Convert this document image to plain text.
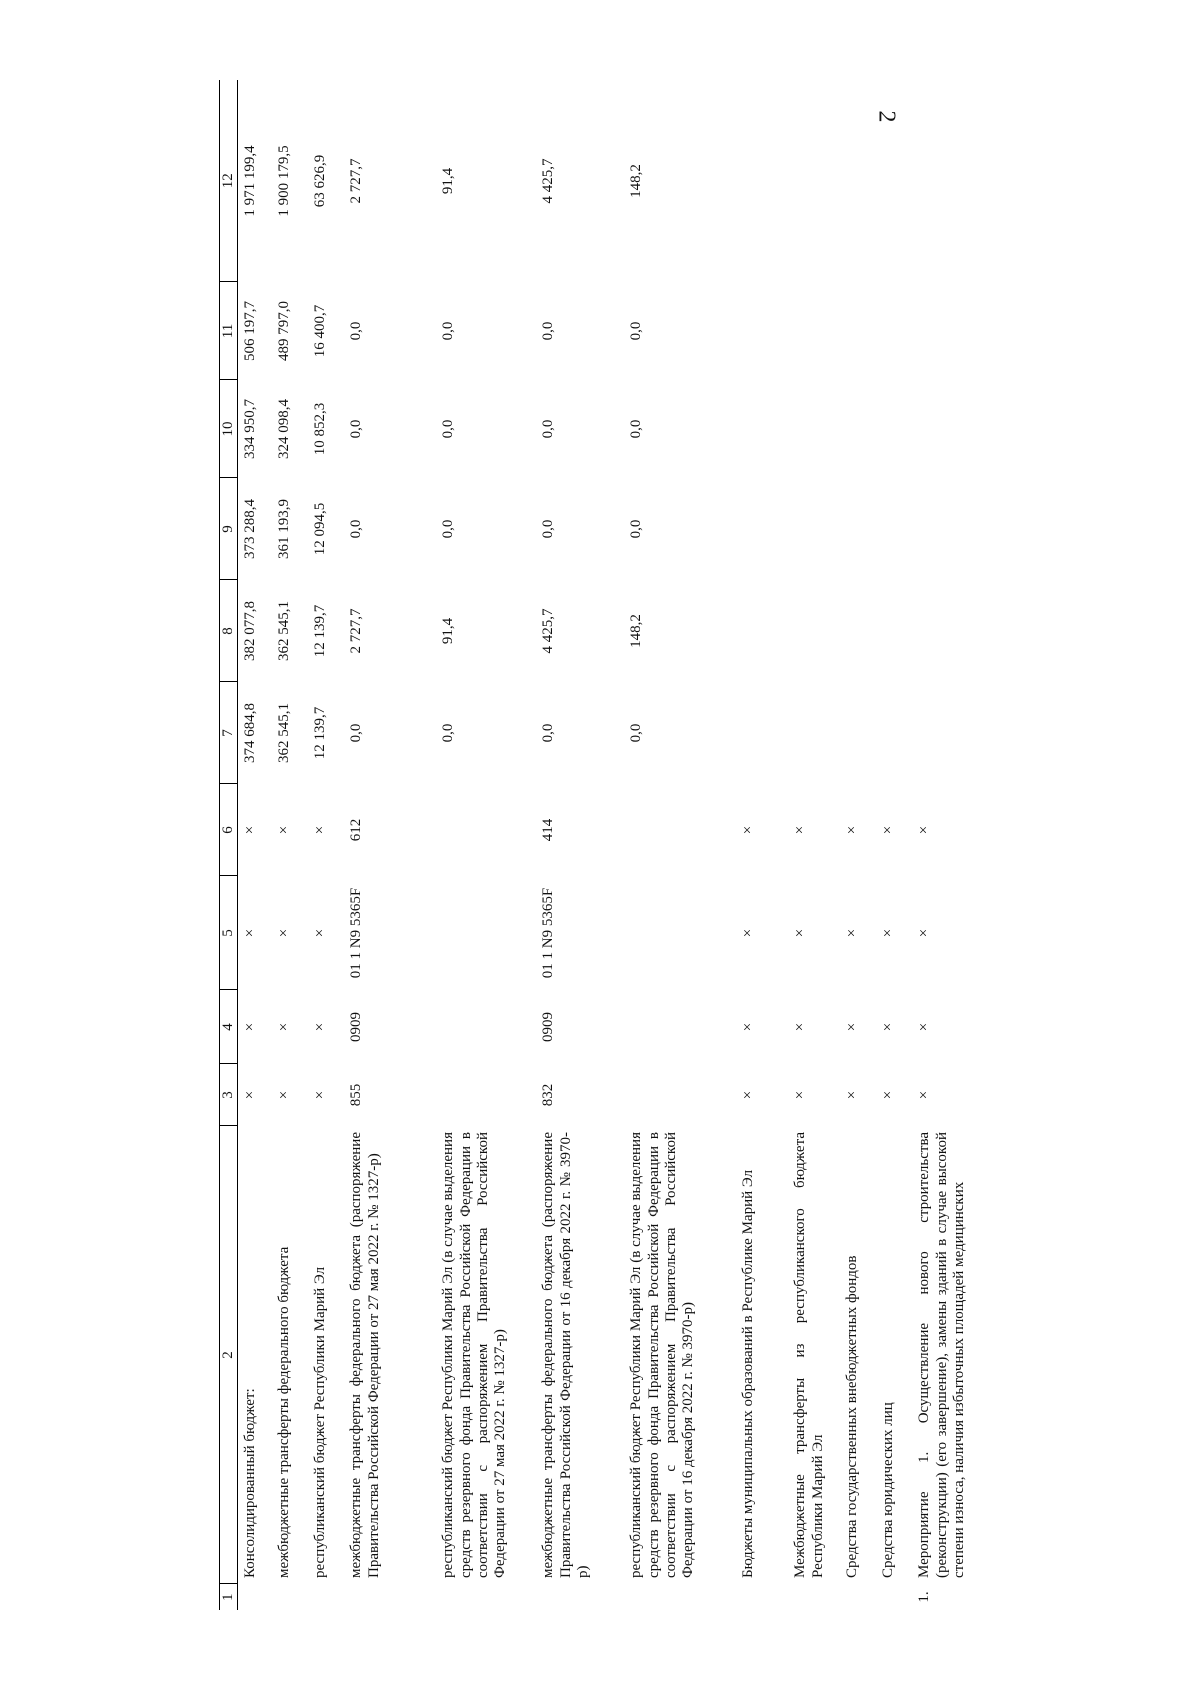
2
1	2	3	4	5	6	7	8	9	10	11	12
	Консолидированный бюджет:	×	×	×	×	374 684,8	382 077,8	373 288,4	334 950,7	506 197,7	1 971 199,4
	межбюджетные трансферты федерального бюджета	×	×	×	×	362 545,1	362 545,1	361 193,9	324 098,4	489 797,0	1 900 179,5
	республиканский бюджет Республики Марий Эл	×	×	×	×	12 139,7	12 139,7	12 094,5	10 852,3	16 400,7	63 626,9
	межбюджетные трансферты федерального бюджета (распоряжение Правительства Российской Федерации от 27 мая 2022 г. № 1327-р)	855	0909	01 1 N9 5365F	612	0,0	2 727,7	0,0	0,0	0,0	2 727,7
	республиканский бюджет Республики Марий Эл (в случае выделения средств резервного фонда Правительства Российской Федерации в соответствии с распоряжением Правительства Российской Федерации от 27 мая 2022 г. № 1327-р)					0,0	91,4	0,0	0,0	0,0	91,4
	межбюджетные трансферты федерального бюджета (распоряжение Правительства Российской Федерации от 16 декабря 2022 г. № 3970-р)	832	0909	01 1 N9 5365F	414	0,0	4 425,7	0,0	0,0	0,0	4 425,7
	республиканский бюджет Республики Марий Эл (в случае выделения средств резервного фонда Правительства Российской Федерации в соответствии с распоряжением Правительства Российской Федерации от 16 декабря 2022 г. № 3970-р)					0,0	148,2	0,0	0,0	0,0	148,2
	Бюджеты муниципальных образований в Республике Марий Эл	×	×	×	×						
	Межбюджетные трансферты из республиканского бюджета Республики Марий Эл	×	×	×	×						
	Средства государственных внебюджетных фондов	×	×	×	×						
	Средства юридических лиц	×	×	×	×						
1.	Мероприятие 1. Осуществление нового строительства (реконструкции) (его завершение), замены зданий в случае высокой степени износа, наличия избыточных площадей медицинских	×	×	×	×						
